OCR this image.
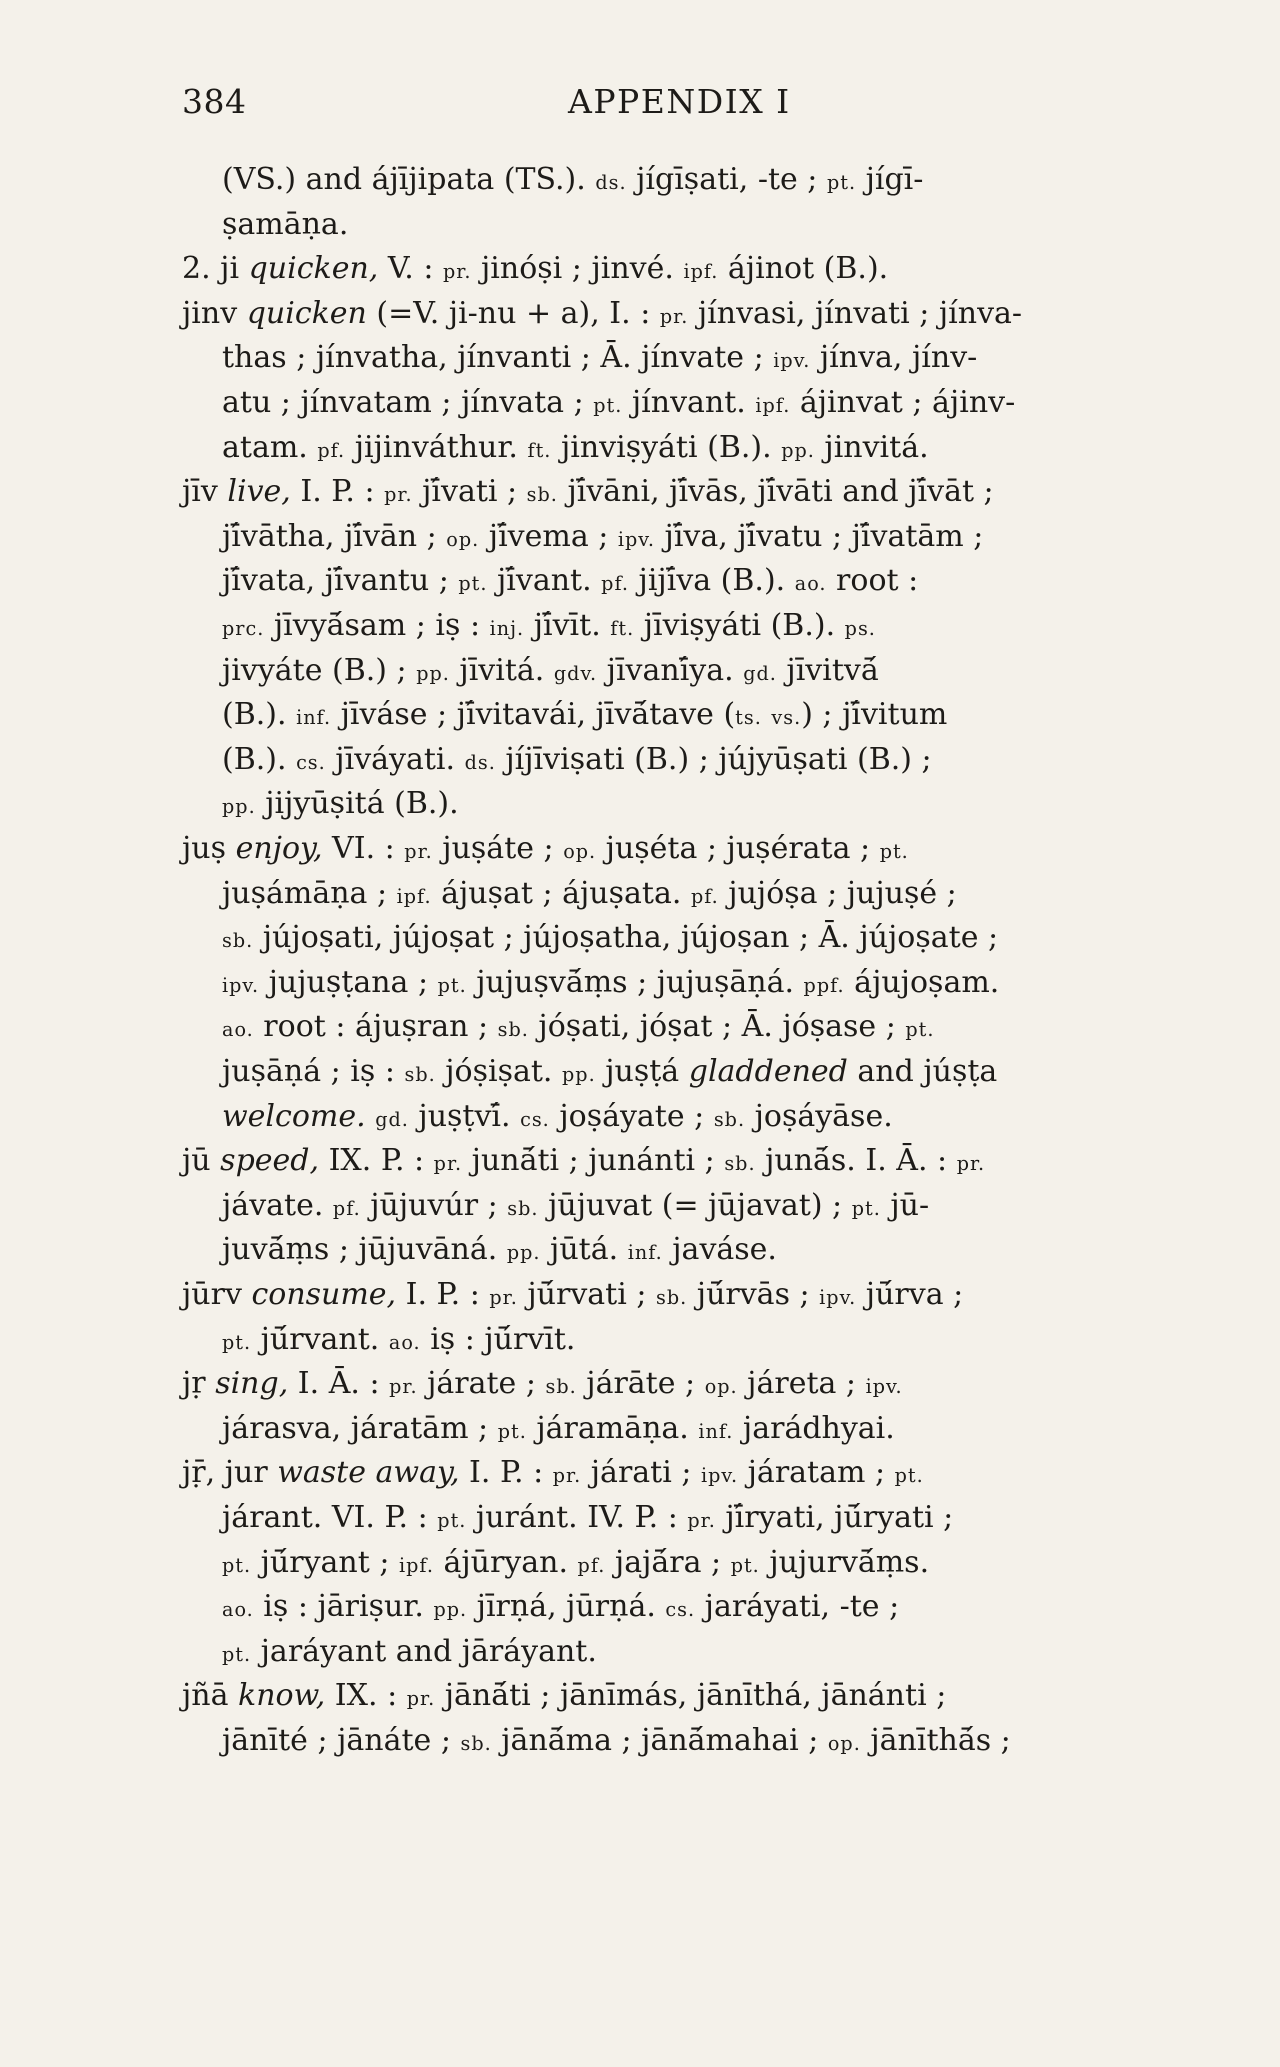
384	APPENDIX I
(VS.) and ájījipata (TS.). ds. jígīṣati, -te ; pt. jígī-
ṣamāṇa.
2. ji quicken, V. : pr. jinóṣi ; jinvé. ipf. ájinot (B.).
jinv quicken (=V. ji-nu + a), I. : pr. jínvasi, jínvati ; jínva-
thas ; jínvatha, jínvanti ; Ā. jínvate ; ipv. jínva, jínv-
atu ; jínvatam ; jínvata ; pt. jínvant. ipf. ájinvat ; ájinv-
atam. pf. jijinváthur. ft. jinviṣyáti (B.). pp. jinvitá.
jīv live, I. P. : pr. jī́vati ; sb. jī́vāni, jī́vās, jī́vāti and jī́vāt ;
jī́vātha, jī́vān ; op. jī́vema ; ipv. jī́va, jī́vatu ; jī́vatām ;
jī́vata, jī́vantu ; pt. jī́vant. pf. jijī́va (B.). ao. root :
prc. jīvyā́sam ; iṣ : inj. jī́vīt. ft. jīviṣyáti (B.). ps.
jivyáte (B.) ; pp. jīvitá. gdv. jīvanī́ya. gd. jīvitvā́
(B.). inf. jīváse ; jī́vitavái, jīvā́tave (ts. vs.) ; jī́vitum
(B.). cs. jīváyati. ds. jíjīviṣati (B.) ; jújyūṣati (B.) ;
pp. jijyūṣitá (B.).
juṣ enjoy, VI. : pr. juṣáte ; op. juṣéta ; juṣérata ; pt.
juṣámāṇa ; ipf. ájuṣat ; ájuṣata. pf. jujóṣa ; jujuṣé ;
sb. jújoṣati, jújoṣat ; jújoṣatha, jújoṣan ; Ā. jújoṣate ;
ipv. jujuṣṭana ; pt. jujuṣvā́ṃs ; jujuṣāṇá. ppf. ájujoṣam.
ao. root : ájuṣran ; sb. jóṣati, jóṣat ; Ā. jóṣase ; pt.
juṣāṇá ; iṣ : sb. jóṣiṣat. pp. juṣṭá gladdened and júṣṭa
welcome. gd. juṣṭvī́. cs. joṣáyate ; sb. joṣáyāse.
jū speed, IX. P. : pr. junā́ti ; junánti ; sb. junā́s. I. Ā. : pr.
jávate. pf. jūjuvúr ; sb. jūjuvat (= jūjavat) ; pt. jū-
juvā́ṃs ; jūjuvāná. pp. jūtá. inf. javáse.
jūrv consume, I. P. : pr. jū́rvati ; sb. jū́rvās ; ipv. jū́rva ;
pt. jū́rvant. ao. iṣ : jū́rvīt.
jṛ sing, I. Ā. : pr. járate ; sb. járāte ; op. járeta ; ipv.
járasva, járatām ; pt. járamāṇa. inf. jarádhyai.
jṝ, jur waste away, I. P. : pr. járati ; ipv. járatam ; pt.
járant. VI. P. : pt. juránt. IV. P. : pr. jī́ryati, jū́ryati ;
pt. jū́ryant ; ipf. ájūryan. pf. jajā́ra ; pt. jujurvā́ṃs.
ao. iṣ : jāriṣur. pp. jīrṇá, jūrṇá. cs. jaráyati, -te ;
pt. jaráyant and jāráyant.
jñā know, IX. : pr. jānā́ti ; jānīmás, jānīthá, jānánti ;
jānīté ; jānáte ; sb. jānā́ma ; jānā́mahai ; op. jānīthā́s ;
